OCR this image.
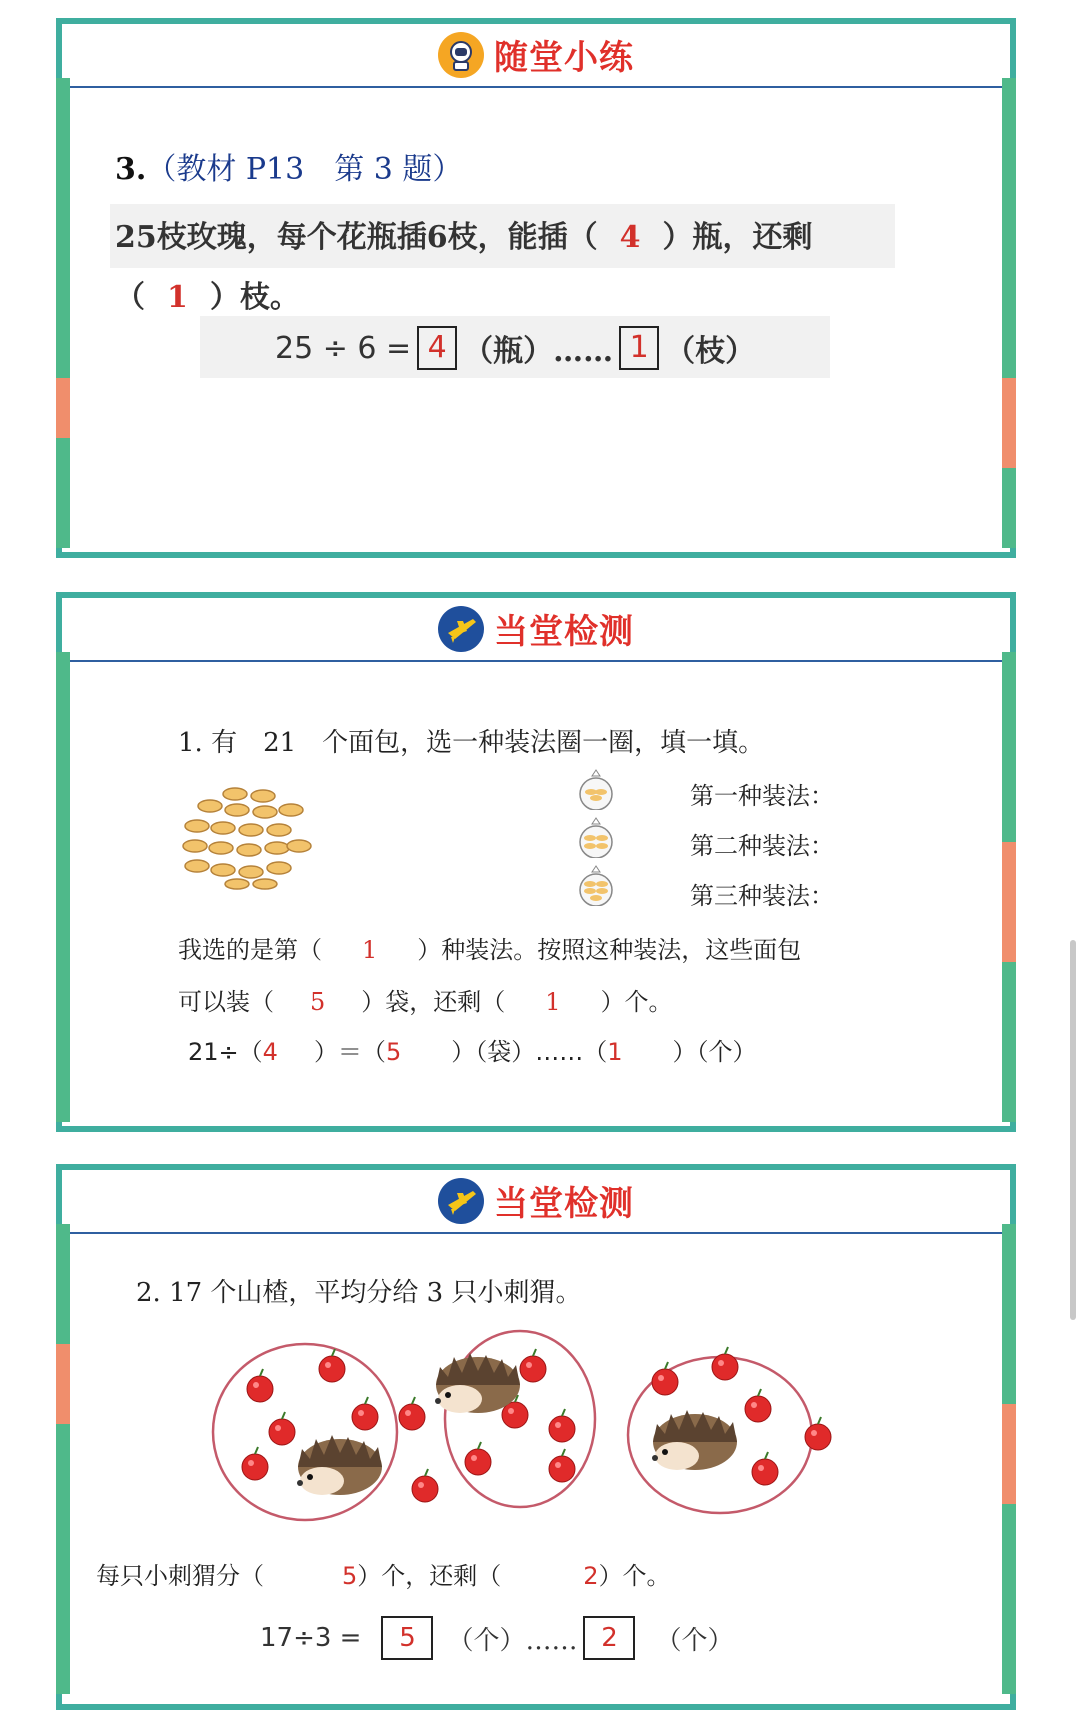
随堂小练
3.（教材 P13　第 3 题）
25枝玫瑰，每个花瓶插6枝，能插（ 4 ）瓶，还剩
（ 1 ）枝。
25 ÷ 6 = 4 （瓶）…… 1 （枝）
当堂检测
1. 有　21　个面包，选一种装法圈一圈，填一填。
第一种装法：
第二种装法：
第三种装法：
我选的是第（ 1 ）种装法。按照这种装法，这些面包
可以装（ 5 ）袋，还剩（ 1 ）个。
21÷（4 ）＝（5 ）（袋）……（1 ）（个）
当堂检测
2. 17 个山楂，平均分给 3 只小刺猬。
每只小刺猬分（	5）个，还剩（	2）个。
17÷3 =	5	（个）…… 2	（个）
